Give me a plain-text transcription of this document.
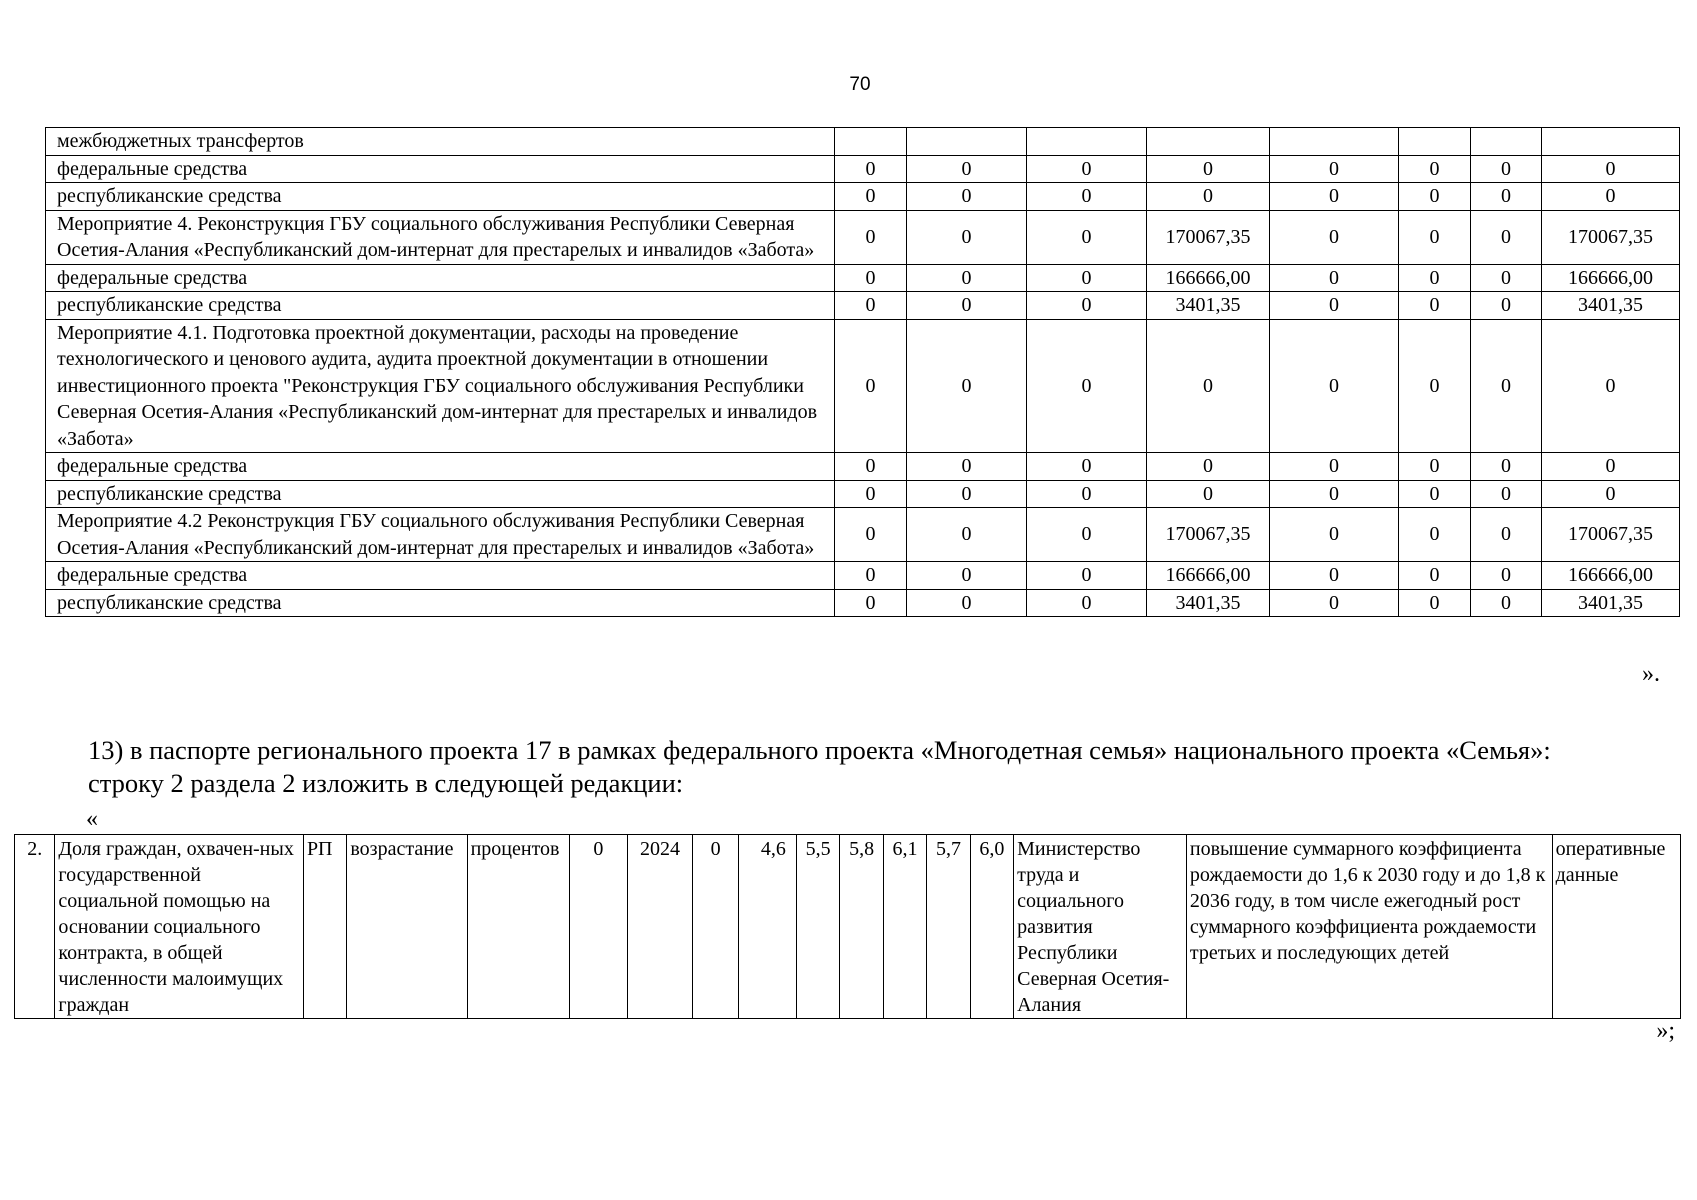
70
межбюджетных трансфертов								
федеральные средства	0	0	0	0	0	0	0	0
республиканские средства	0	0	0	0	0	0	0	0
Мероприятие 4. Реконструкция ГБУ социального обслуживания Республики Северная Осетия-Алания «Республиканский дом-интернат для престарелых и инвалидов «Забота»	0	0	0	170067,35	0	0	0	170067,35
федеральные средства	0	0	0	166666,00	0	0	0	166666,00
республиканские средства	0	0	0	3401,35	0	0	0	3401,35
Мероприятие 4.1. Подготовка проектной документации, расходы на проведение технологического и ценового аудита, аудита проектной документации в отношении инвестиционного проекта "Реконструкция ГБУ социального обслуживания Республики Северная Осетия-Алания «Республиканский дом-интернат для престарелых и инвалидов «Забота»	0	0	0	0	0	0	0	0
федеральные средства	0	0	0	0	0	0	0	0
республиканские средства	0	0	0	0	0	0	0	0
Мероприятие 4.2 Реконструкция ГБУ социального обслуживания Республики Северная Осетия-Алания «Республиканский дом-интернат для престарелых и инвалидов «Забота»	0	0	0	170067,35	0	0	0	170067,35
федеральные средства	0	0	0	166666,00	0	0	0	166666,00
республиканские средства	0	0	0	3401,35	0	0	0	3401,35
».
13) в паспорте регионального проекта 17 в рамках федерального проекта «Многодетная семья» национального проекта «Семья»:
строку 2 раздела 2 изложить в следующей редакции:
«
2.	Доля граждан, охвачен-ных государственной социальной помощью на основании социального контракта, в общей численности малоимущих граждан	РП	возрастание	процентов	0	2024	0	4,6	5,5	5,8	6,1	5,7	6,0	Министерство труда и социального развития Республики Северная Осетия-Алания	повышение суммарного коэффициента рождаемости до 1,6 к 2030 году и до 1,8 к 2036 году, в том числе ежегодный рост суммарного коэффициента рождаемости третьих и последующих детей	оперативные данные
»;
